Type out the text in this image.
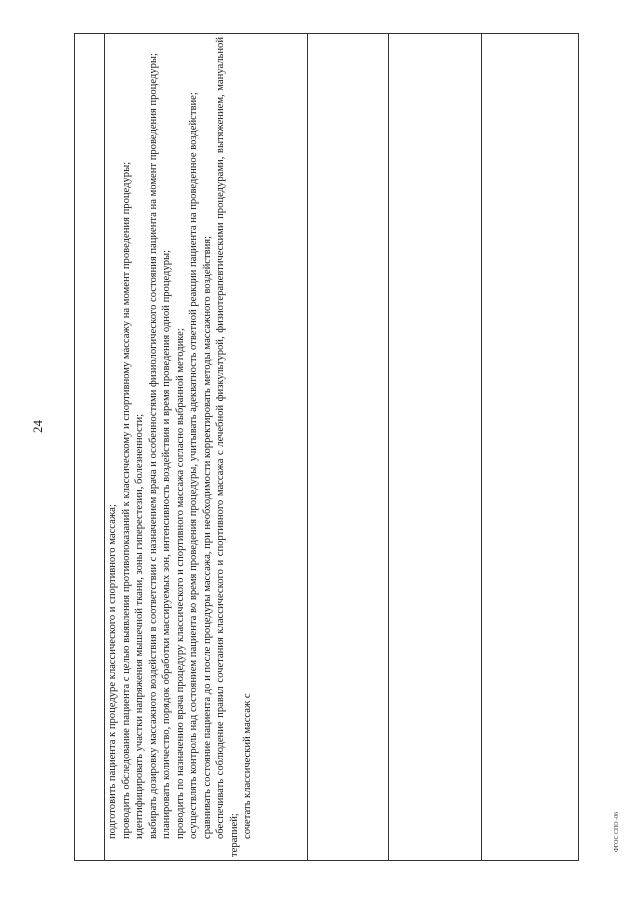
24

подготовить пациента к процедуре классического и спортивного массажа; проводить обследование пациента с целью выявления противопоказаний к классическому и спортивному массажу на момент проведения процедуры; идентифицировать участки напряжения мышечной ткани, зоны гиперестезии, болезненности; выбирать дозировку массажного воздействия в соответствии с назначением врача и особенностями физиологического состояния пациента на момент проведения процедуры; планировать количество, порядок обработки массируемых зон, интенсивность воздействия и время проведения одной процедуры; проводить по назначению врача процедуру классического и спортивного массажа согласно выбранной методике; осуществлять контроль над состоянием пациента во время проведения процедуры, учитывать адекватность ответной реакции пациента на проведенное воздействие; сравнивать состояние пациента до и после процедуры массажа, при необходимости корректировать методы массажного воздействия; обеспечивать соблюдение правил сочетания классического и спортивного массажа с лечебной физкультурой, физиотерапевтическими процедурами, вытяжением, мануальной терапией; сочетать классический массаж с	ФГОС СПО -06
